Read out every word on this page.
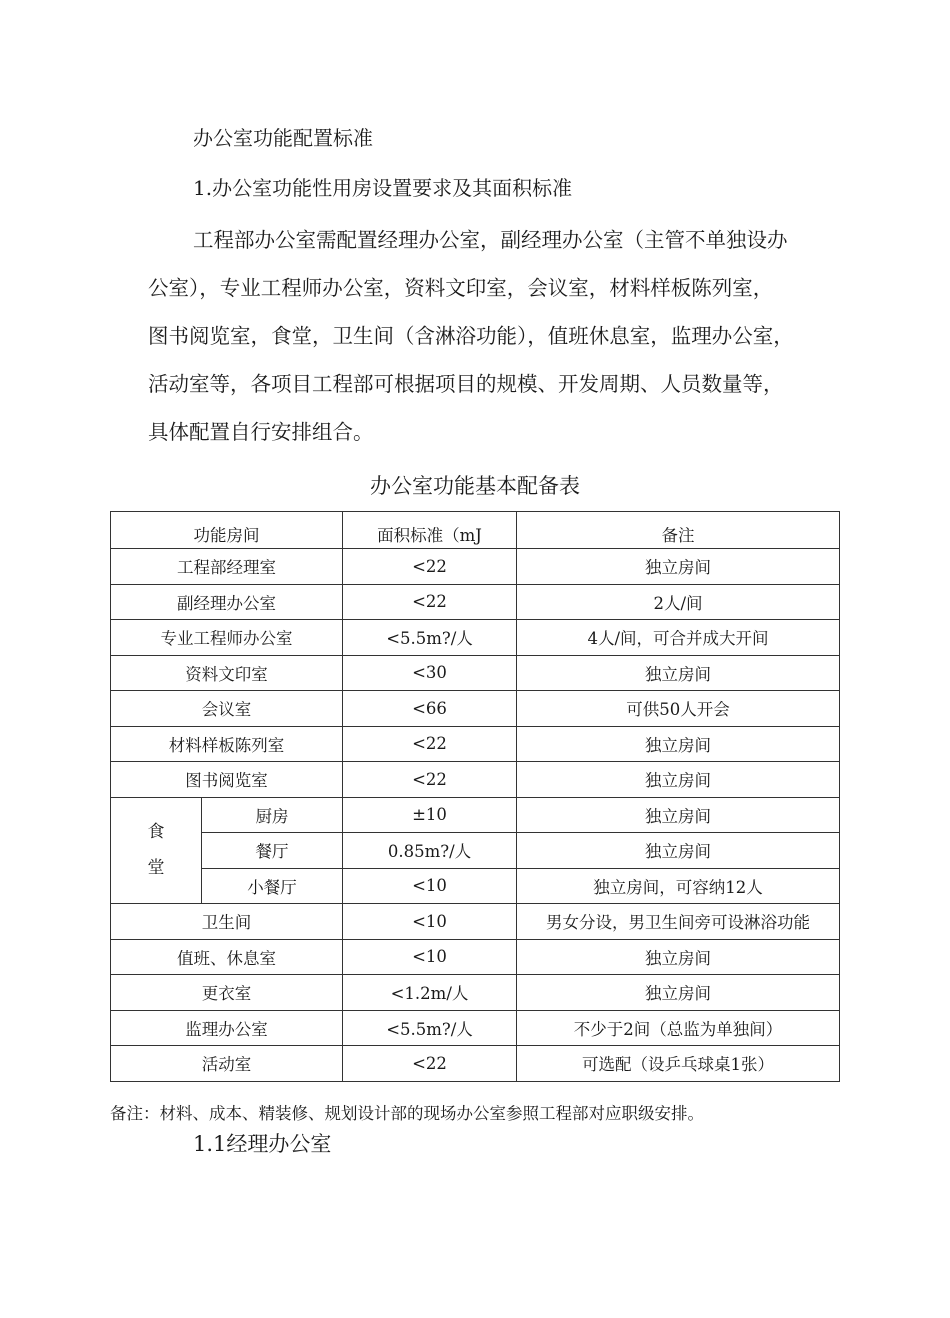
办公室功能配置标准
1.办公室功能性用房设置要求及其面积标准
工程部办公室需配置经理办公室，副经理办公室（主管不单独设办
公室），专业工程师办公室，资料文印室，会议室，材料样板陈列室，
图书阅览室，食堂，卫生间（含淋浴功能），值班休息室，监理办公室，
活动室等，各项目工程部可根据项目的规模、开发周期、人员数量等，
具体配置自行安排组合。
办公室功能基本配备表
功能房间		面积标准（mJ	备注
工程部经理室		<22	独立房间
副经理办公室		<22	2人/间
专业工程师办公室		<5.5m?/人	4人/间，可合并成大开间
资料文印室		<30	独立房间
会议室		<66	可供50人开会
材料样板陈列室		<22	独立房间
图书阅览室		<22	独立房间

食
堂	厨房	±10	独立房间
	餐厅	0.85m?/人	独立房间
	小餐厅	<10	独立房间，可容纳12人
卫生间		<10	男女分设，男卫生间旁可设淋浴功能
值班、休息室		<10	独立房间
更衣室		<1.2m/人	独立房间
监理办公室		<5.5m?/人	不少于2间（总监为单独间）
活动室		<22	可选配（设乒乓球桌1张）
备注：材料、成本、精装修、规划设计部的现场办公室参照工程部对应职级安排。
1.1经理办公室
